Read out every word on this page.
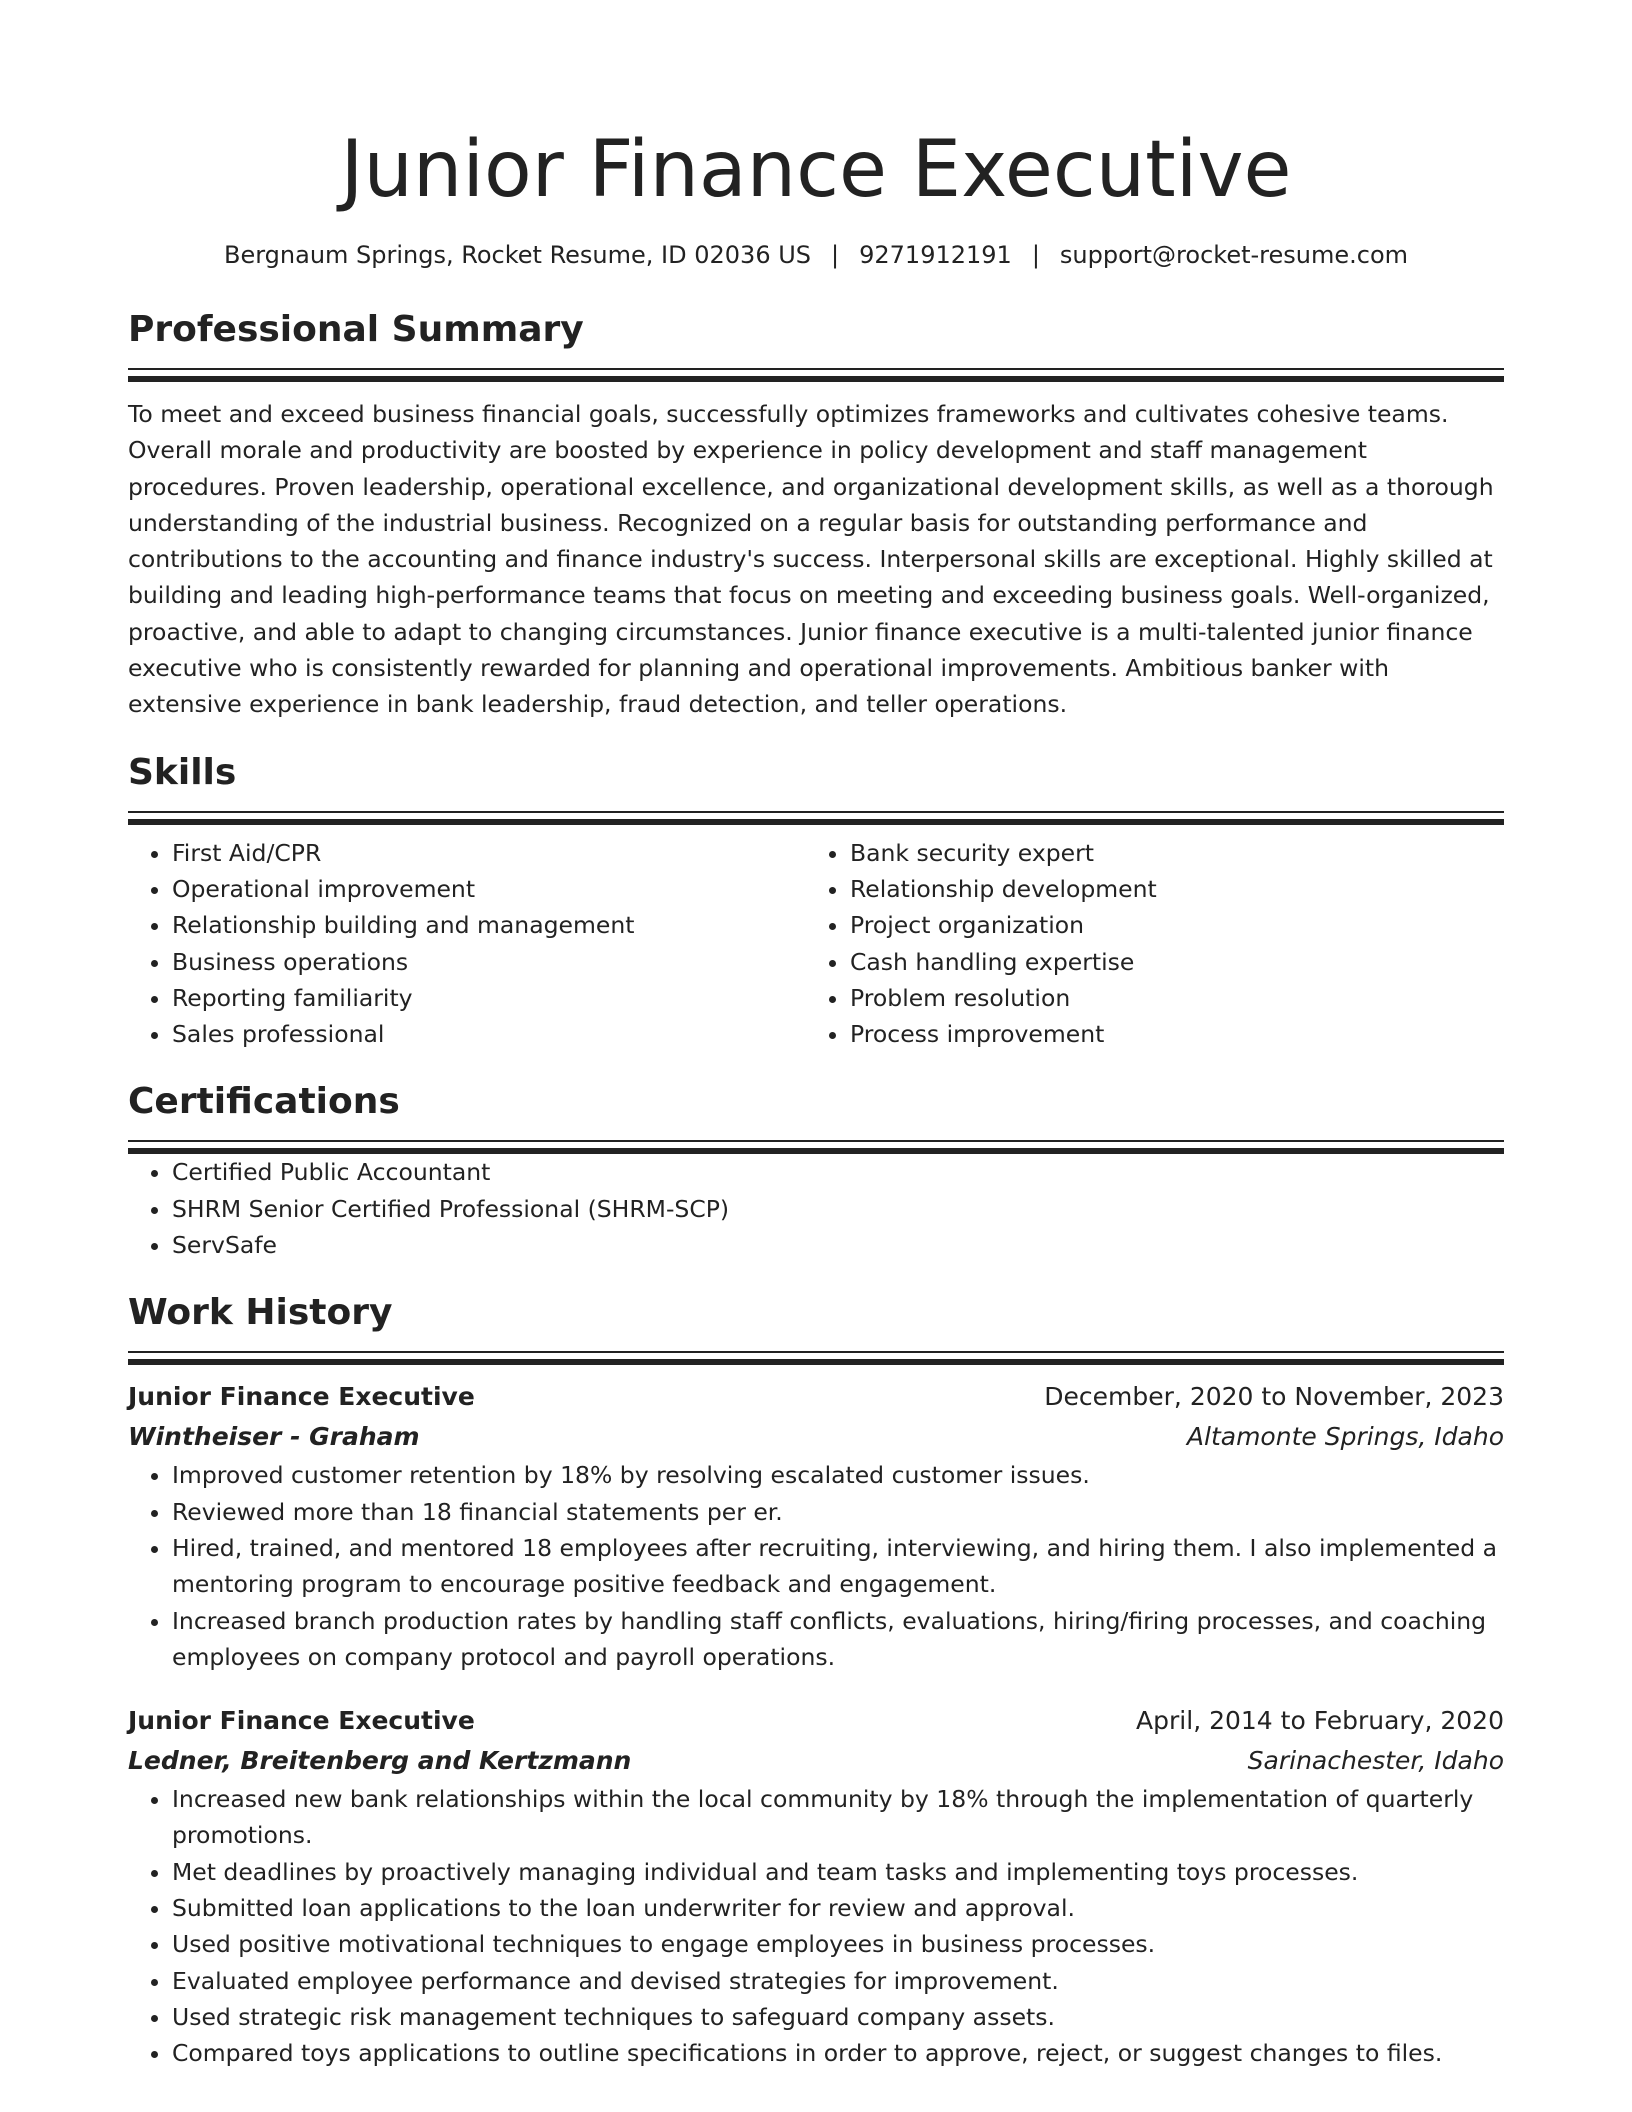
Junior Finance Executive
Bergnaum Springs, Rocket Resume, ID 02036 US | 9271912191 | support@rocket-resume.com
Professional Summary
To meet and exceed business financial goals, successfully optimizes frameworks and cultivates cohesive teams. Overall morale and productivity are boosted by experience in policy development and staff management procedures. Proven leadership, operational excellence, and organizational development skills, as well as a thorough understanding of the industrial business. Recognized on a regular basis for outstanding performance and contributions to the accounting and finance industry's success. Interpersonal skills are exceptional. Highly skilled at building and leading high-performance teams that focus on meeting and exceeding business goals. Well-organized, proactive, and able to adapt to changing circumstances. Junior finance executive is a multi-talented junior finance executive who is consistently rewarded for planning and operational improvements. Ambitious banker with extensive experience in bank leadership, fraud detection, and teller operations.
Skills
• First Aid/CPR
• Operational improvement
• Relationship building and management
• Business operations
• Reporting familiarity
• Sales professional
• Bank security expert
• Relationship development
• Project organization
• Cash handling expertise
• Problem resolution
• Process improvement
Certifications
• Certified Public Accountant
• SHRM Senior Certified Professional (SHRM-SCP)
• ServSafe
Work History
Junior Finance Executive	December, 2020 to November, 2023
Wintheiser - Graham	Altamonte Springs, Idaho
• Improved customer retention by 18% by resolving escalated customer issues.
• Reviewed more than 18 financial statements per er.
• Hired, trained, and mentored 18 employees after recruiting, interviewing, and hiring them. I also implemented a mentoring program to encourage positive feedback and engagement.
• Increased branch production rates by handling staff conflicts, evaluations, hiring/firing processes, and coaching employees on company protocol and payroll operations.
Junior Finance Executive	April, 2014 to February, 2020
Ledner, Breitenberg and Kertzmann	Sarinachester, Idaho
• Increased new bank relationships within the local community by 18% through the implementation of quarterly promotions.
• Met deadlines by proactively managing individual and team tasks and implementing toys processes.
• Submitted loan applications to the loan underwriter for review and approval.
• Used positive motivational techniques to engage employees in business processes.
• Evaluated employee performance and devised strategies for improvement.
• Used strategic risk management techniques to safeguard company assets.
• Compared toys applications to outline specifications in order to approve, reject, or suggest changes to files.
